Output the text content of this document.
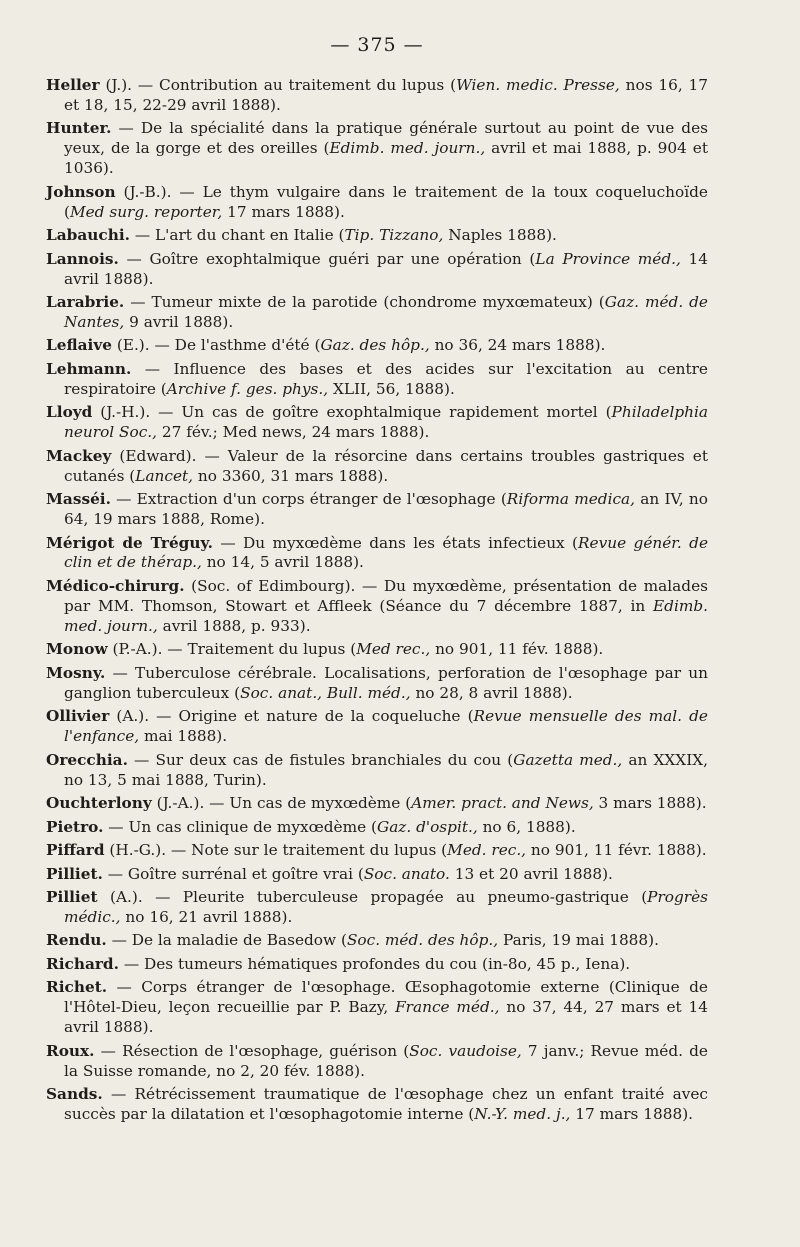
— 375 —

Heller (J.). — Contribution au traitement du lupus (Wien. medic. Presse, nos 16, 17 et 18, 15, 22-29 avril 1888).

Hunter. — De la spécialité dans la pratique générale surtout au point de vue des yeux, de la gorge et des oreilles (Edimb. med. journ., avril et mai 1888, p. 904 et 1036).

Johnson (J.-B.). — Le thym vulgaire dans le traitement de la toux coqueluchoïde (Med surg. reporter, 17 mars 1888).

Labauchi. — L'art du chant en Italie (Tip. Tizzano, Naples 1888).

Lannois. — Goître exophtalmique guéri par une opération (La Province méd., 14 avril 1888).

Larabrie. — Tumeur mixte de la parotide (chondrome myxœmateux) (Gaz. méd. de Nantes, 9 avril 1888).

Leflaive (E.). — De l'asthme d'été (Gaz. des hôp., no 36, 24 mars 1888).

Lehmann. — Influence des bases et des acides sur l'excitation au centre respiratoire (Archive f. ges. phys., XLII, 56, 1888).

Lloyd (J.-H.). — Un cas de goître exophtalmique rapidement mortel (Philadelphia neurol Soc., 27 fév.; Med news, 24 mars 1888).

Mackey (Edward). — Valeur de la résorcine dans certains troubles gastriques et cutanés (Lancet, no 3360, 31 mars 1888).

Masséi. — Extraction d'un corps étranger de l'œsophage (Riforma medica, an IV, no 64, 19 mars 1888, Rome).

Mérigot de Tréguy. — Du myxœdème dans les états infectieux (Revue génér. de clin et de thérap., no 14, 5 avril 1888).

Médico-chirurg. (Soc. of Edimbourg). — Du myxœdème, présentation de malades par MM. Thomson, Stowart et Affleek (Séance du 7 décembre 1887, in Edimb. med. journ., avril 1888, p. 933).

Monow (P.-A.). — Traitement du lupus (Med rec., no 901, 11 fév. 1888).

Mosny. — Tuberculose cérébrale. Localisations, perforation de l'œsophage par un ganglion tuberculeux (Soc. anat., Bull. méd., no 28, 8 avril 1888).

Ollivier (A.). — Origine et nature de la coqueluche (Revue mensuelle des mal. de l'enfance, mai 1888).

Orecchia. — Sur deux cas de fistules branchiales du cou (Gazetta med., an XXXIX, no 13, 5 mai 1888, Turin).

Ouchterlony (J.-A.). — Un cas de myxœdème (Amer. pract. and News, 3 mars 1888).

Pietro. — Un cas clinique de myxœdème (Gaz. d'ospit., no 6, 1888).

Piffard (H.-G.). — Note sur le traitement du lupus (Med. rec., no 901, 11 févr. 1888).

Pilliet. — Goître surrénal et goître vrai (Soc. anato. 13 et 20 avril 1888).

Pilliet (A.). — Pleurite tuberculeuse propagée au pneumo-gastrique (Progrès médic., no 16, 21 avril 1888).

Rendu. — De la maladie de Basedow (Soc. méd. des hôp., Paris, 19 mai 1888).

Richard. — Des tumeurs hématiques profondes du cou (in-8o, 45 p., Iena).

Richet. — Corps étranger de l'œsophage. Œsophagotomie externe (Clinique de l'Hôtel-Dieu, leçon recueillie par P. Bazy, France méd., no 37, 44, 27 mars et 14 avril 1888).

Roux. — Résection de l'œsophage, guérison (Soc. vaudoise, 7 janv.; Revue méd. de la Suisse romande, no 2, 20 fév. 1888).

Sands. — Rétrécissement traumatique de l'œsophage chez un enfant traité avec succès par la dilatation et l'œsophagotomie interne (N.-Y. med. j., 17 mars 1888).
